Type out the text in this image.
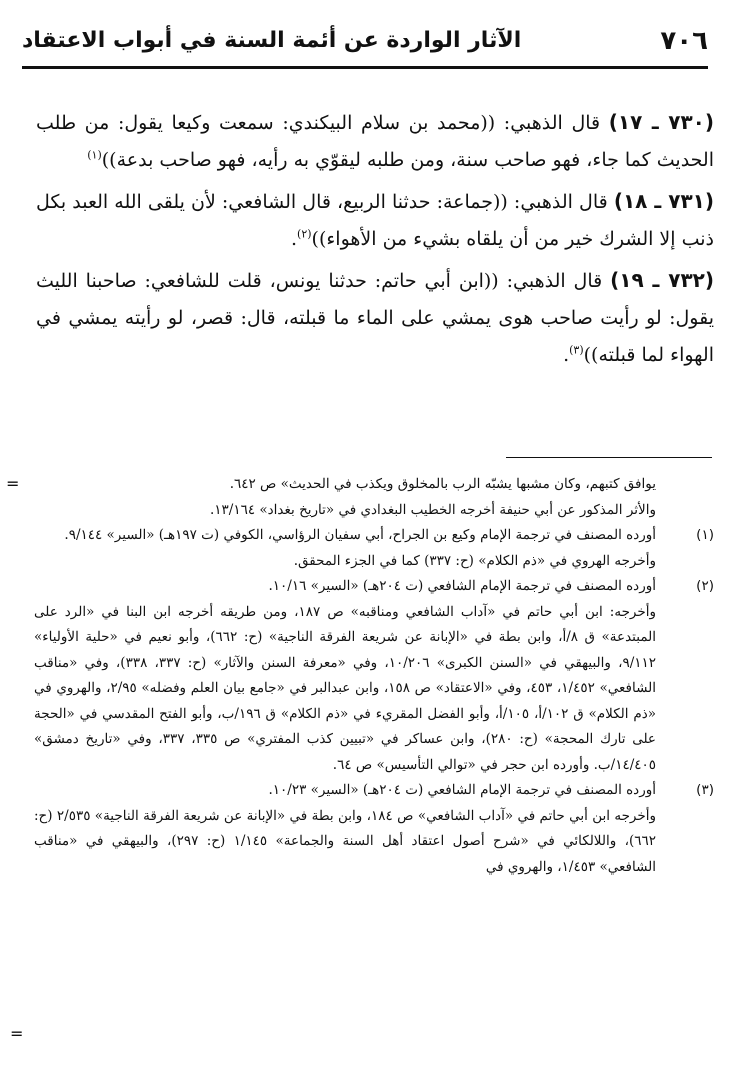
٧٠٦
الآثار الواردة عن أئمة السنة في أبواب الاعتقاد

(٧٣٠ ـ ١٧) قال الذهبي: ((محمد بن سلام البيكندي: سمعت وكيعا يقول: من طلب الحديث كما جاء، فهو صاحب سنة، ومن طلبه ليقوّي به رأيه، فهو صاحب بدعة))$^{(١)}$

(٧٣١ ـ ١٨) قال الذهبي: ((جماعة: حدثنا الربيع، قال الشافعي: لأن يلقى الله العبد بكل ذنب إلا الشرك خير من أن يلقاه بشيء من الأهواء))$^{(٢)}$.

(٧٣٢ ـ ١٩) قال الذهبي: ((ابن أبي حاتم: حدثنا يونس، قلت للشافعي: صاحبنا الليث يقول: لو رأيت صاحب هوى يمشي على الماء ما قبلته، قال: قصر، لو رأيته يمشي في الهواء لما قبلته))$^{(٣)}$.

=	يوافق كتبهم، وكان مشبها يشبّه الرب بالمخلوق ويكذب في الحديث» ص ٦٤٢.

والأثر المذكور عن أبي حنيفة أخرجه الخطيب البغدادي في «تاريخ بغداد» ١٣/١٦٤.

(١)

أورده المصنف في ترجمة الإمام وكيع بن الجراح، أبي سفيان الرؤاسي، الكوفي (ت ١٩٧هـ) «السير» ٩/١٤٤.

وأخرجه الهروي في «ذم الكلام» (ح: ٣٣٧) كما في الجزء المحقق.

(٢)

أورده المصنف في ترجمة الإمام الشافعي (ت ٢٠٤هـ) «السير» ١٠/١٦.

وأخرجه: ابن أبي حاتم في «آداب الشافعي ومناقبه» ص ١٨٧، ومن طريقه أخرجه ابن البنا في «الرد على المبتدعة» ق ٨/أ، وابن بطة في «الإبانة عن شريعة الفرقة الناجية» (ح: ٦٦٢)، وأبو نعيم في «حلية الأولياء» ٩/١١٢، والبيهقي في «السنن الكبرى» ١٠/٢٠٦، وفي «معرفة السنن والآثار» (ح: ٣٣٧، ٣٣٨)، وفي «مناقب الشافعي» ١/٤٥٢، ٤٥٣، وفي «الاعتقاد» ص ١٥٨، وابن عبدالبر في «جامع بيان العلم وفضله» ٢/٩٥، والهروي في «ذم الكلام» ق ١٠٢/أ، ١٠٥/أ، وأبو الفضل المقريء في «ذم الكلام» ق ١٩٦/ب، وأبو الفتح المقدسي في «الحجة على تارك المحجة» (ح: ٢٨٠)، وابن عساكر في «تبيين كذب المفتري» ص ٣٣٥، ٣٣٧، وفي «تاريخ دمشق» ١٤/٤٠٥/ب. وأورده ابن حجر في «توالي التأسيس» ص ٦٤.

(٣)

أورده المصنف في ترجمة الإمام الشافعي (ت ٢٠٤هـ) «السير» ١٠/٢٣.

وأخرجه ابن أبي حاتم في «آداب الشافعي» ص ١٨٤، وابن بطة في «الإبانة عن شريعة الفرقة الناجية» ٢/٥٣٥ (ح: ٦٦٢)، واللالكائي في «شرح أصول اعتقاد أهل السنة والجماعة» ١/١٤٥ (ح: ٢٩٧)، والبيهقي في «مناقب الشافعي» ١/٤٥٣، والهروي في

=
